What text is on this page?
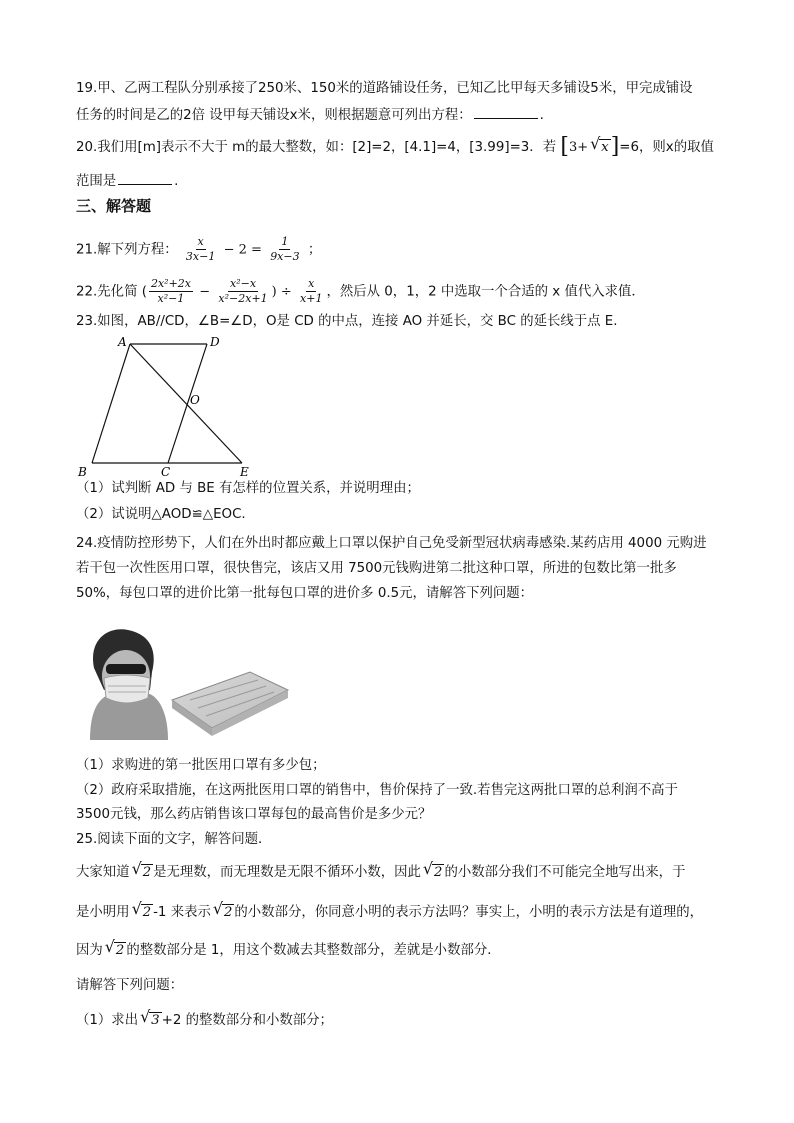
19.甲、乙两工程队分别承接了250米、150米的道路铺设任务，已知乙比甲每天多铺设5米，甲完成铺设
任务的时间是乙的2倍 设甲每天铺设x米，则根据题意可列出方程：	.
20.我们用[m]表示不大于 m的最大整数，如：[2]=2，[4.1]=4，[3.99]=3．若 [3+ √ x]=6，则x的取值
范围是	.
三、解答题
21.解下列方程： $\frac{x}{3x-1} - 2 = \frac{1}{9x-3}$ ；
22.先化简 ( $\frac{\text{2x²+2x}}{\text{x²−1}} - \frac{\text{x²−x}}{\text{x²−2x+1}}$ ) ÷ $\frac{x}{x+1}$ ，然后从 0，1，2 中选取一个合适的 x 值代入求值．
23.如图，AB//CD，∠B=∠D，O是 CD 的中点，连接 AO 并延长，交 BC 的延长线于点 E.
A	D
O
B	C	E
（1）试判断 AD 与 BE 有怎样的位置关系，并说明理由；
（2）试说明△AOD≌△EOC.
24.疫情防控形势下，人们在外出时都应戴上口罩以保护自己免受新型冠状病毒感染.某药店用 4000 元购进
若干包一次性医用口罩，很快售完，该店又用 7500元钱购进第二批这种口罩，所进的包数比第一批多
50%，每包口罩的进价比第一批每包口罩的进价多 0.5元，请解答下列问题：
（1）求购进的第一批医用口罩有多少包；
（2）政府采取措施，在这两批医用口罩的销售中，售价保持了一致.若售完这两批口罩的总利润不高于
3500元钱，那么药店销售该口罩每包的最高售价是多少元？
25.阅读下面的文字，解答问题．
大家知道 √ 2 是无理数，而无理数是无限不循环小数，因此 √ 2 的小数部分我们不可能完全地写出来，于
是小明用 √ 2 -1 来表示 √ 2 的小数部分，你同意小明的表示方法吗？事实上，小明的表示方法是有道理的，
因为 √ 2 的整数部分是 1，用这个数减去其整数部分，差就是小数部分．
请解答下列问题：
（1）求出 √ 3 +2 的整数部分和小数部分；
